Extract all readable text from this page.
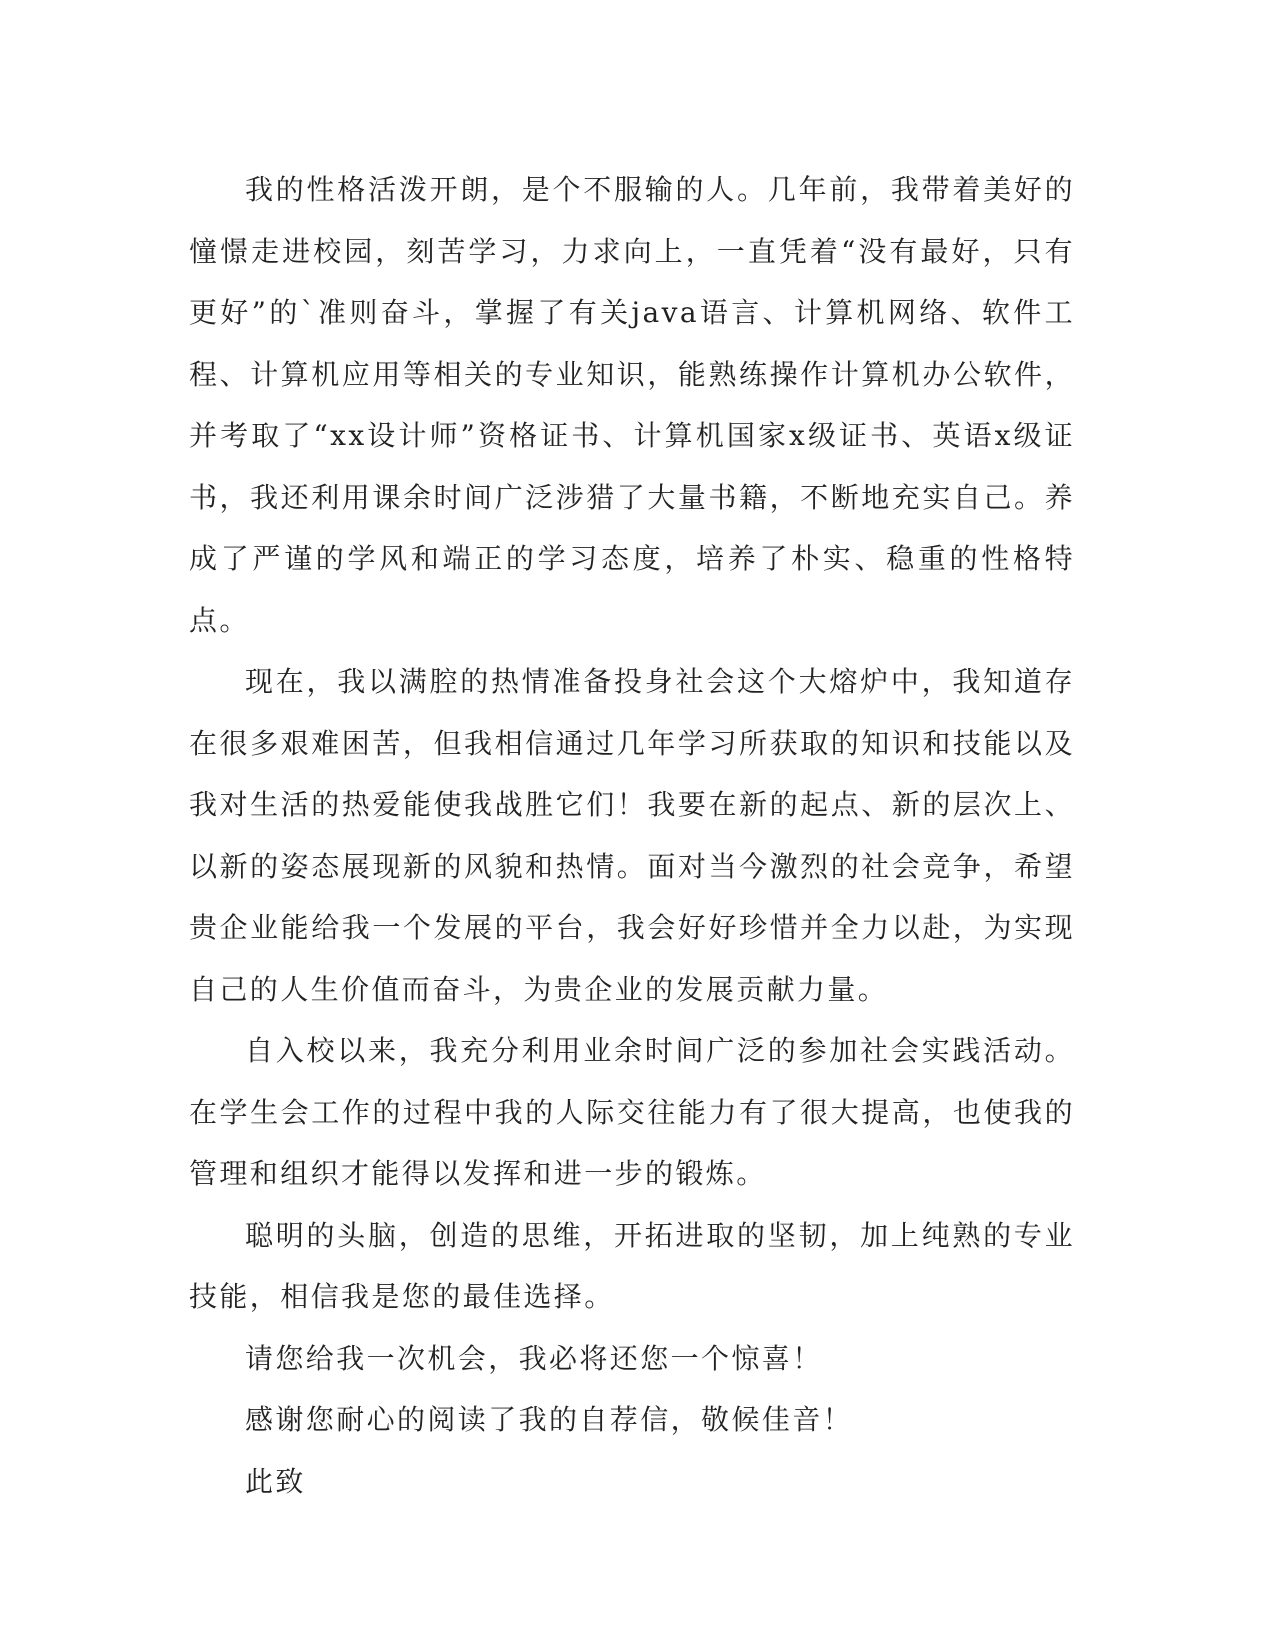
我的性格活泼开朗，是个不服输的人。几年前，我带着美好的憧憬走进校园，刻苦学习，力求向上，一直凭着“没有最好，只有更好”的`准则奋斗，掌握了有关java语言、计算机网络、软件工程、计算机应用等相关的专业知识，能熟练操作计算机办公软件，并考取了“xx设计师”资格证书、计算机国家x级证书、英语x级证书，我还利用课余时间广泛涉猎了大量书籍，不断地充实自己。养成了严谨的学风和端正的学习态度，培养了朴实、稳重的性格特点。

现在，我以满腔的热情准备投身社会这个大熔炉中，我知道存在很多艰难困苦，但我相信通过几年学习所获取的知识和技能以及我对生活的热爱能使我战胜它们！我要在新的起点、新的层次上、以新的姿态展现新的风貌和热情。面对当今激烈的社会竞争，希望贵企业能给我一个发展的平台，我会好好珍惜并全力以赴，为实现自己的人生价值而奋斗，为贵企业的发展贡献力量。

自入校以来，我充分利用业余时间广泛的参加社会实践活动。在学生会工作的过程中我的人际交往能力有了很大提高，也使我的管理和组织才能得以发挥和进一步的锻炼。

聪明的头脑，创造的思维，开拓进取的坚韧，加上纯熟的专业技能，相信我是您的最佳选择。

请您给我一次机会，我必将还您一个惊喜！

感谢您耐心的阅读了我的自荐信，敬候佳音！

此致
